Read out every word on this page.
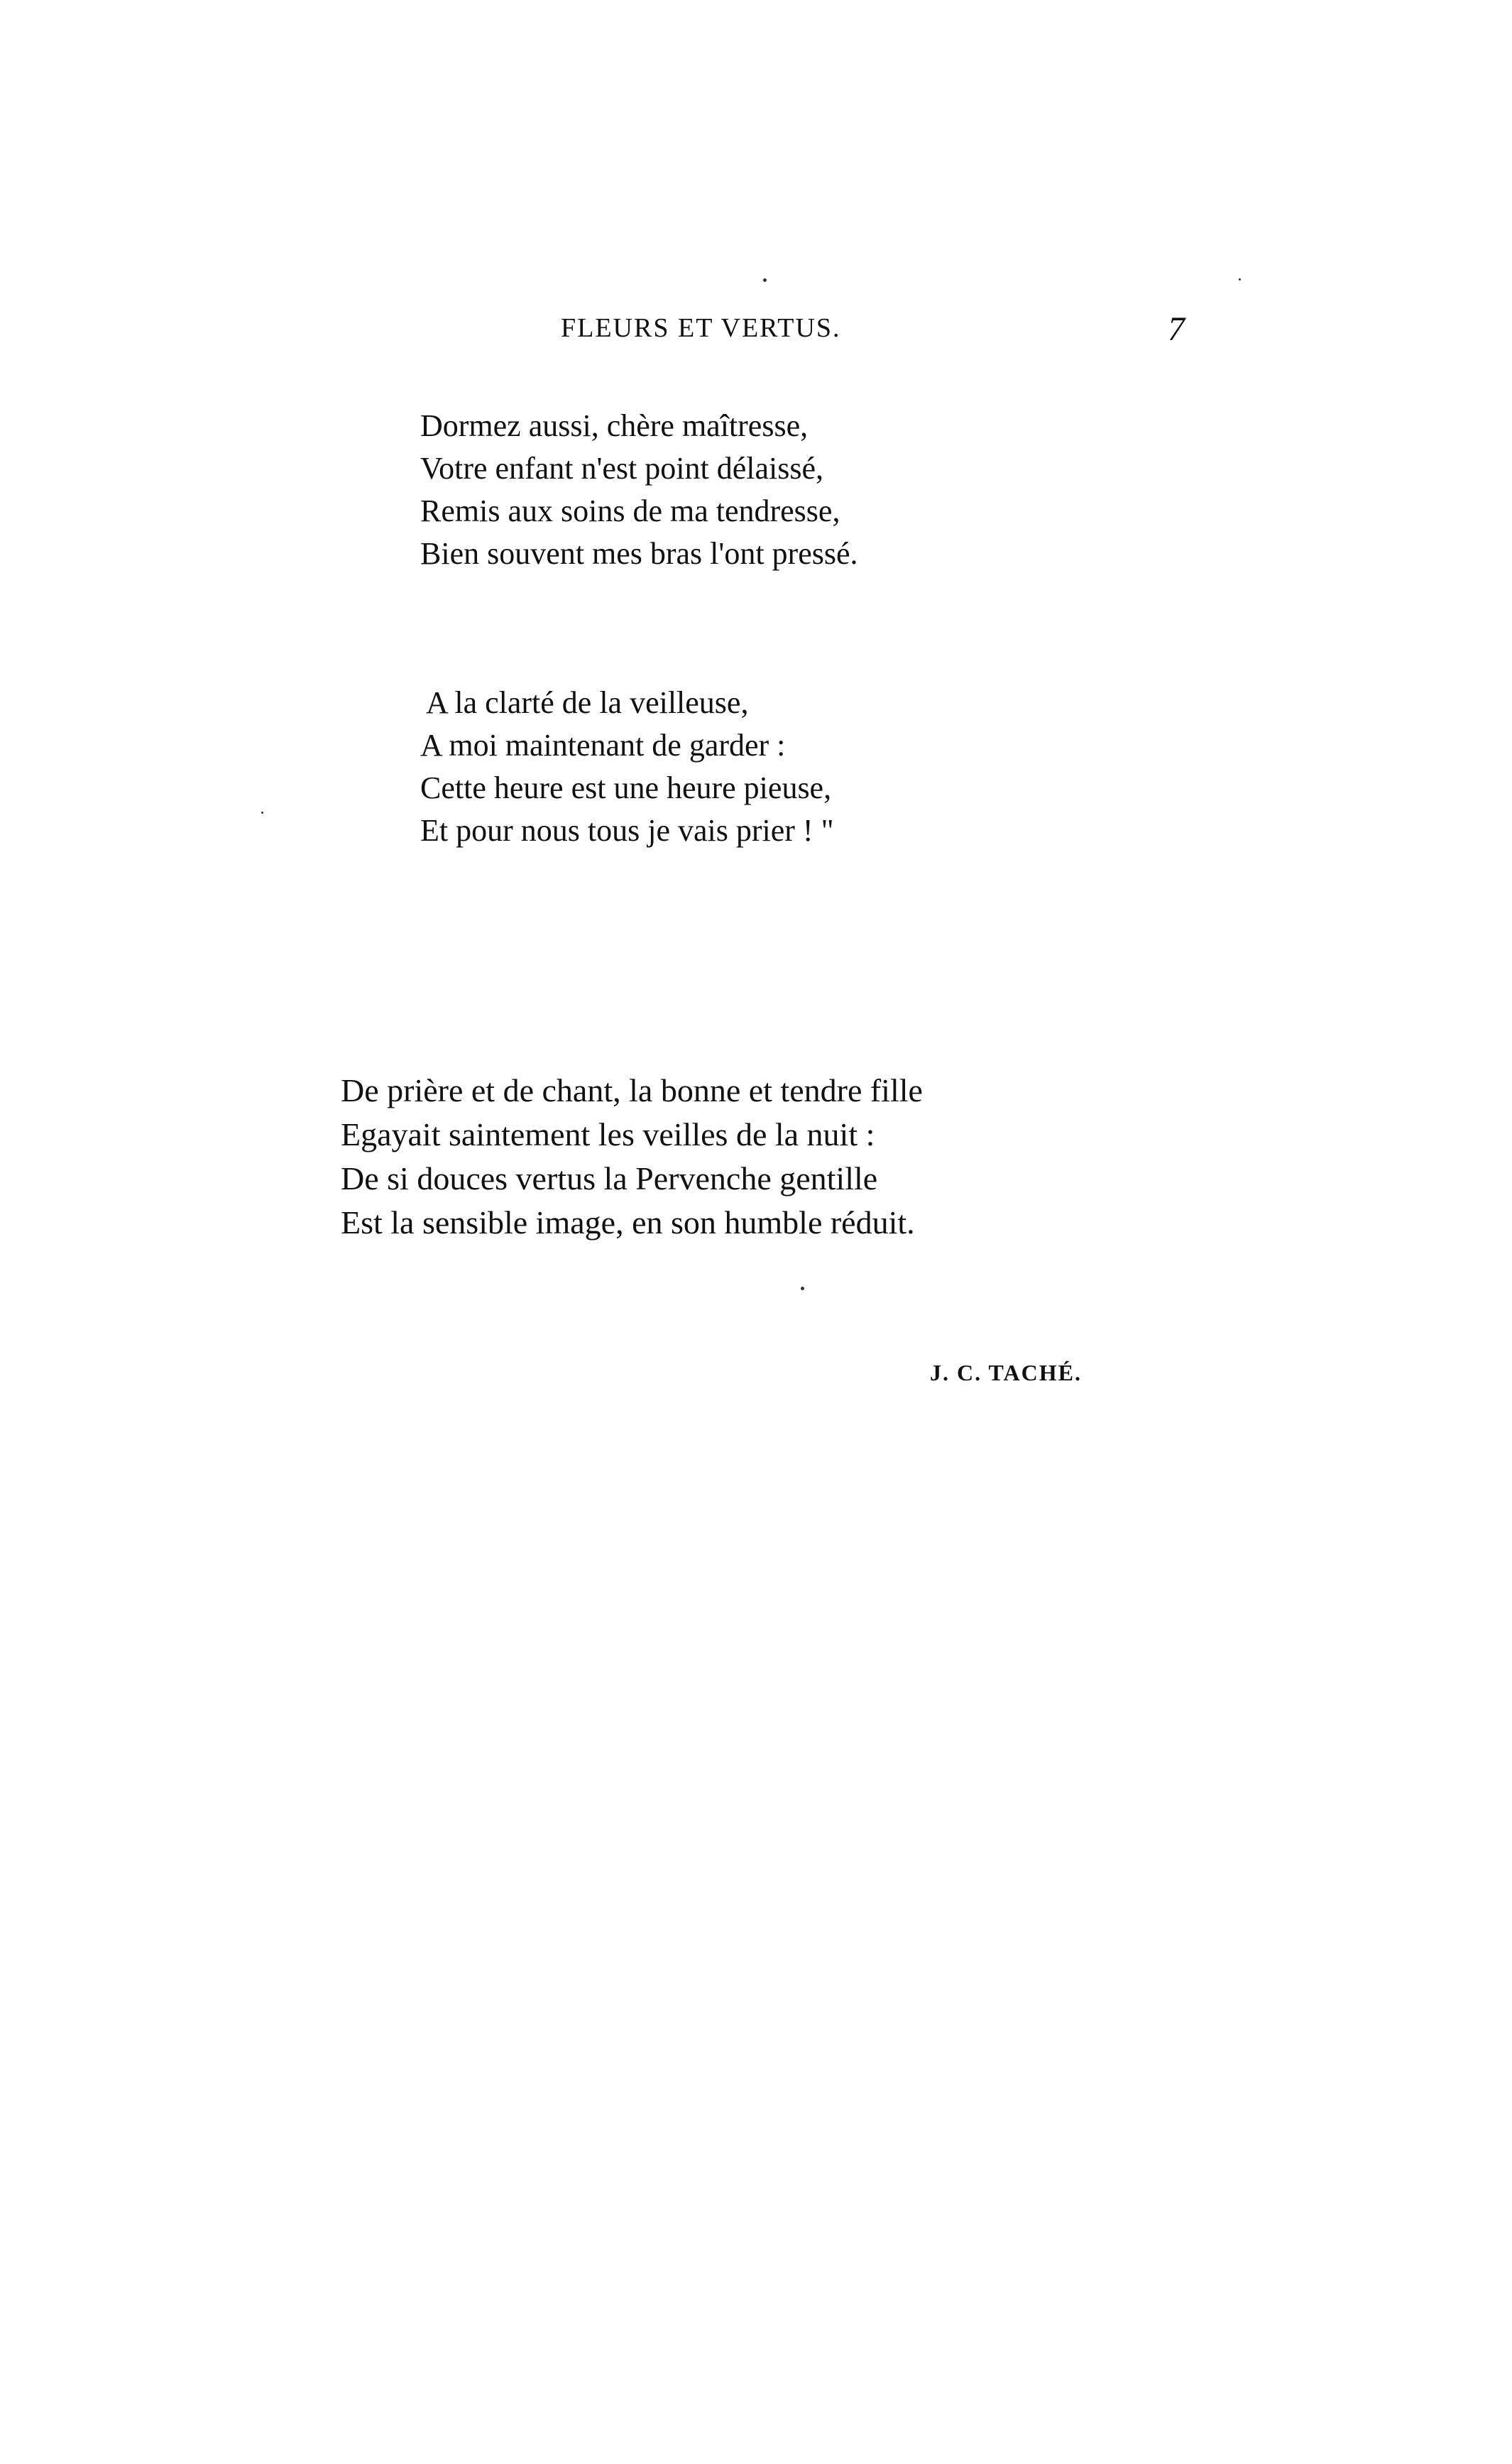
FLEURS ET VERTUS.	7
Dormez aussi, chère maîtresse,
Votre enfant n'est point délaissé,
Remis aux soins de ma tendresse,
Bien souvent mes bras l'ont pressé.
A la clarté de la veilleuse,
A moi maintenant de garder :
Cette heure est une heure pieuse,
Et pour nous tous je vais prier ! "
De prière et de chant, la bonne et tendre fille
Egayait saintement les veilles de la nuit :
De si douces vertus la Pervenche gentille
Est la sensible image, en son humble réduit.
J. C. TACHÉ.
